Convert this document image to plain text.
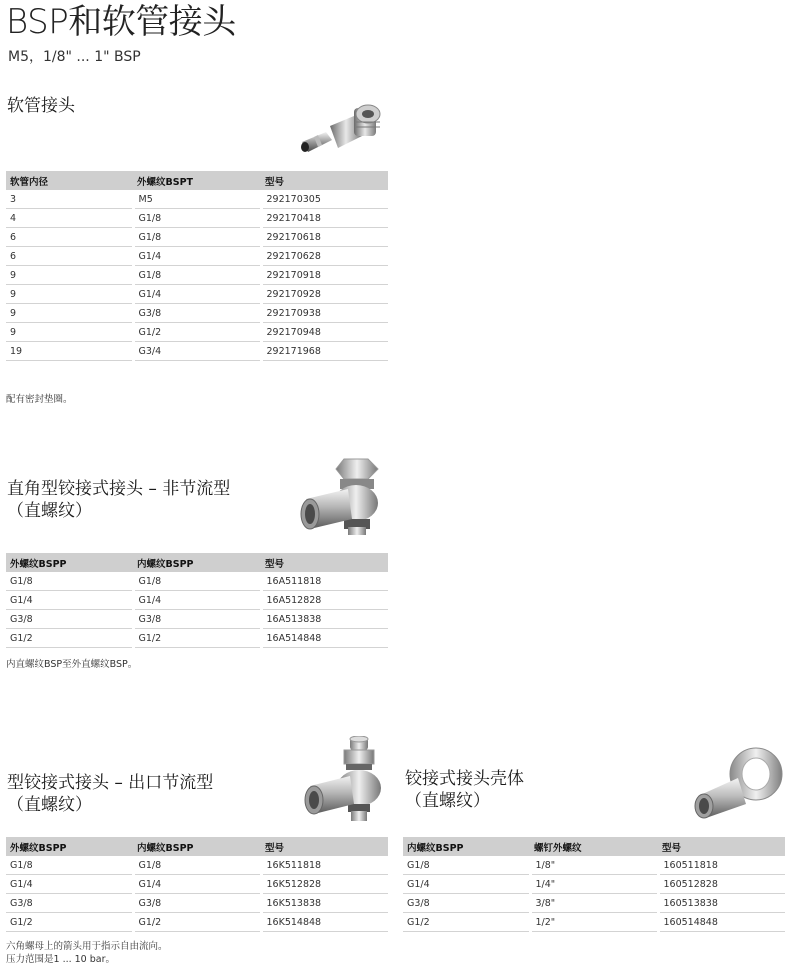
BSP和软管接头
M5，1/8" ... 1" BSP
软管接头
软管内径	外螺纹BSPT	型号
3	M5	292170305
4	G1/8	292170418
6	G1/8	292170618
6	G1/4	292170628
9	G1/8	292170918
9	G1/4	292170928
9	G3/8	292170938
9	G1/2	292170948
19	G3/4	292171968
配有密封垫圈。
直角型铰接式接头 – 非节流型
（直螺纹）
外螺纹BSPP	内螺纹BSPP	型号
G1/8	G1/8	16A511818
G1/4	G1/4	16A512828
G3/8	G3/8	16A513838
G1/2	G1/2	16A514848
内直螺纹BSP至外直螺纹BSP。
型铰接式接头 – 出口节流型
（直螺纹）
外螺纹BSPP	内螺纹BSPP	型号
G1/8	G1/8	16K511818
G1/4	G1/4	16K512828
G3/8	G3/8	16K513838
G1/2	G1/2	16K514848
六角螺母上的箭头用于指示自由流向。
压力范围是1 ... 10 bar。
铰接式接头壳体
（直螺纹）
内螺纹BSPP	螺钉外螺纹	型号
G1/8	1/8"	160511818
G1/4	1/4"	160512828
G3/8	3/8"	160513838
G1/2	1/2"	160514848
